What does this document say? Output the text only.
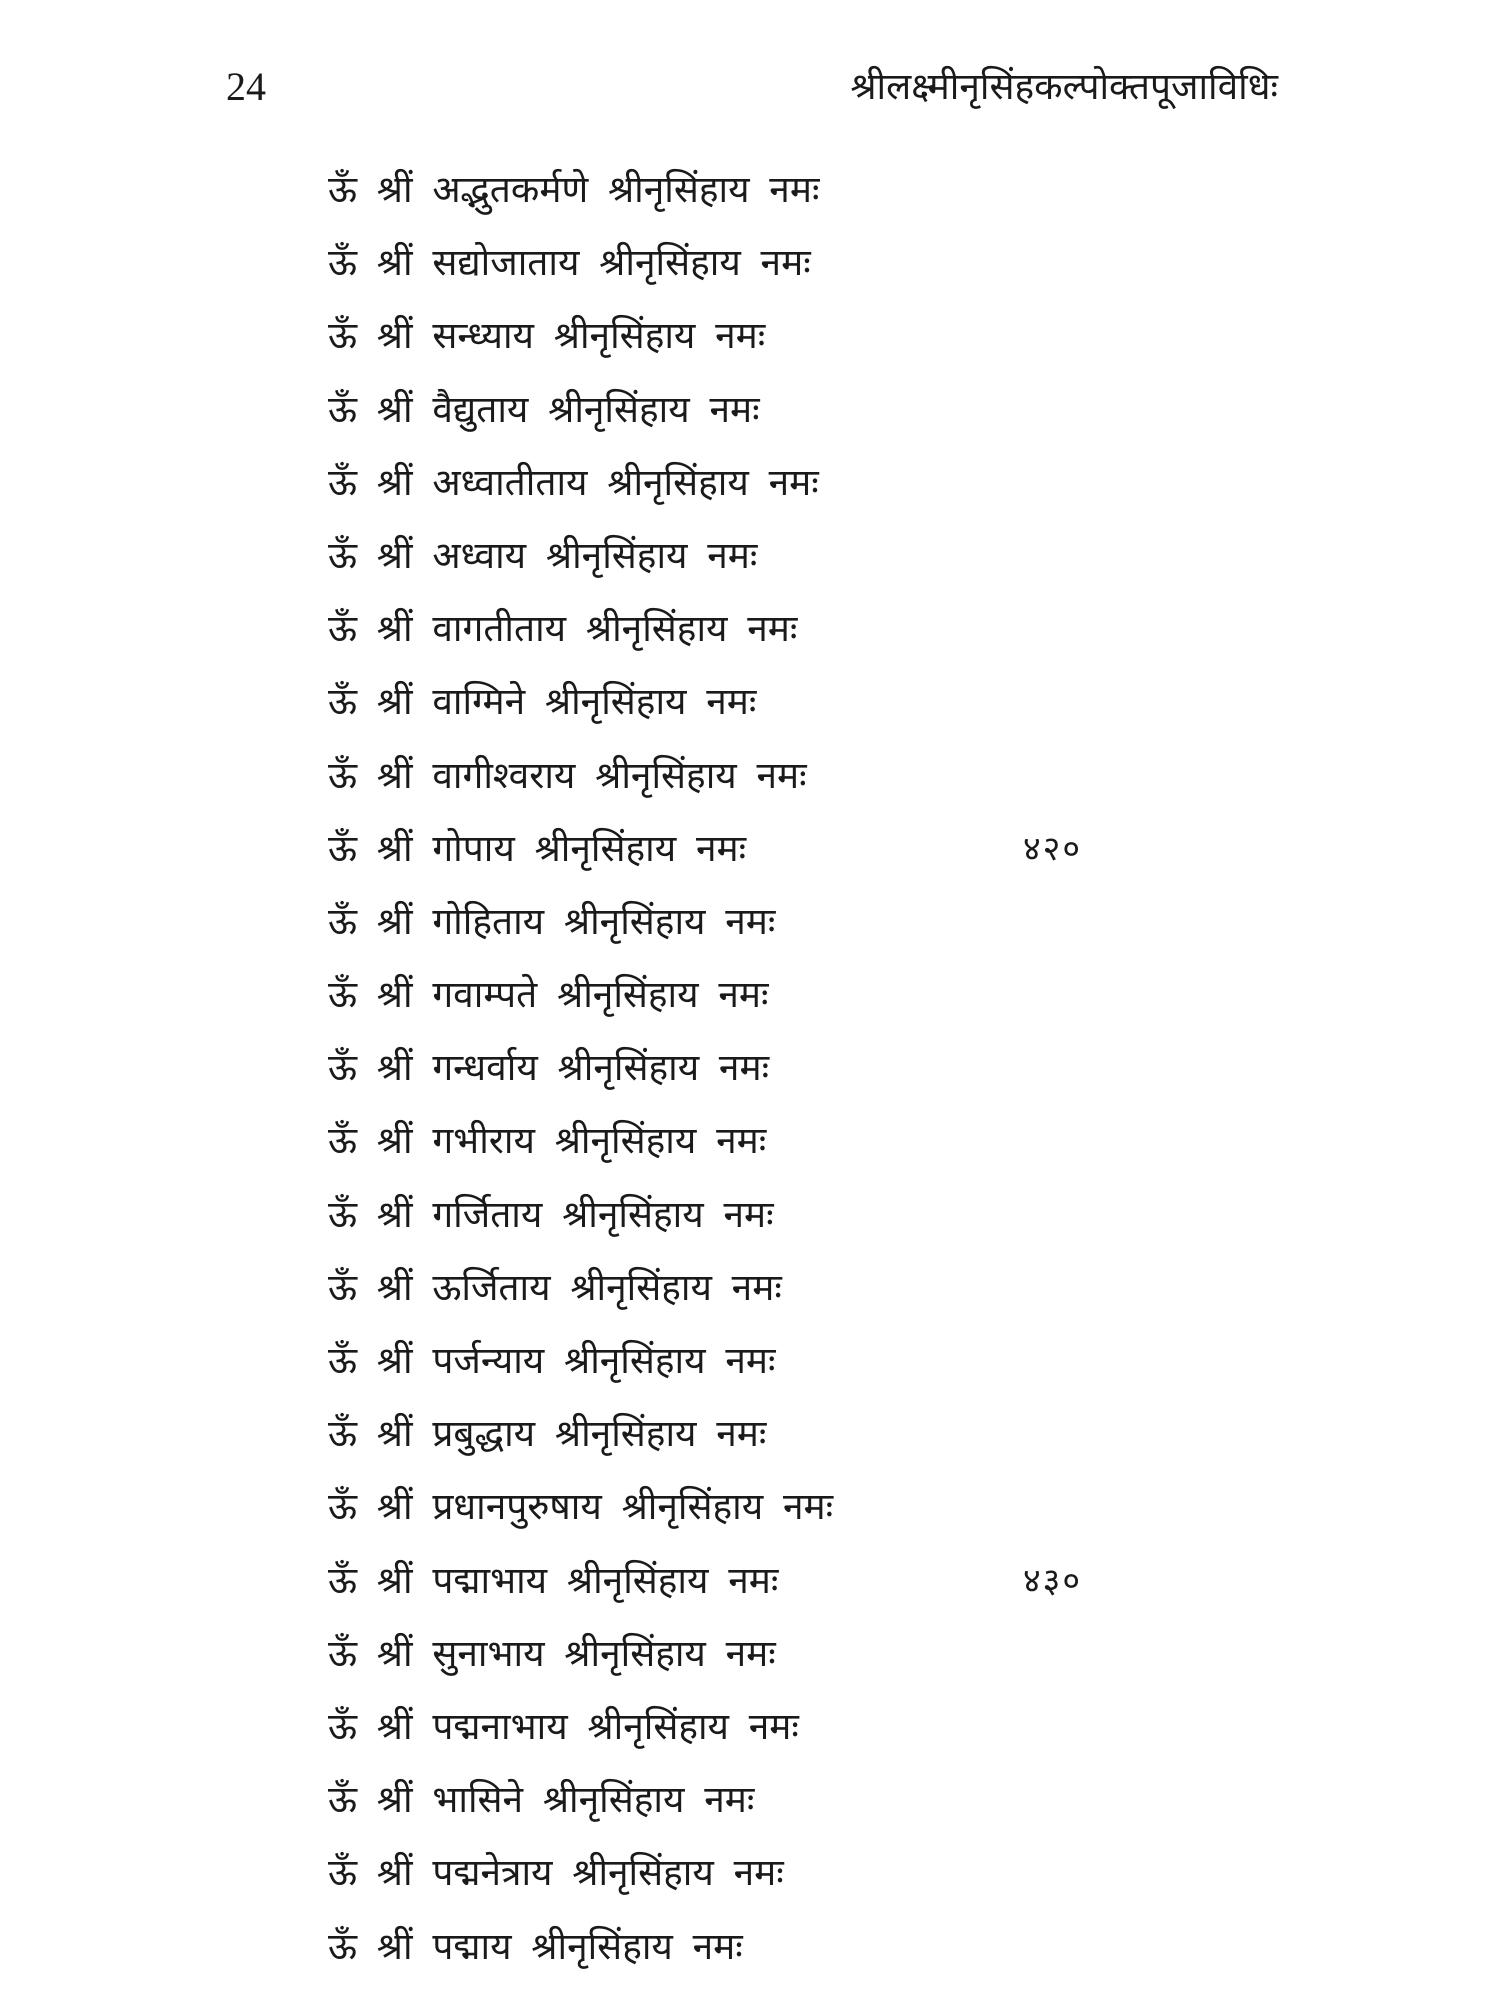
24	श्रीलक्ष्मीनृसिंहकल्पोक्तपूजाविधिः
ऊँ श्रीं अद्भुतकर्मणे श्रीनृसिंहाय नमः
ऊँ श्रीं सद्योजाताय श्रीनृसिंहाय नमः
ऊँ श्रीं सन्ध्याय श्रीनृसिंहाय नमः
ऊँ श्रीं वैद्युताय श्रीनृसिंहाय नमः
ऊँ श्रीं अध्वातीताय श्रीनृसिंहाय नमः
ऊँ श्रीं अध्वाय श्रीनृसिंहाय नमः
ऊँ श्रीं वागतीताय श्रीनृसिंहाय नमः
ऊँ श्रीं वाग्मिने श्रीनृसिंहाय नमः
ऊँ श्रीं वागीश्वराय श्रीनृसिंहाय नमः
ऊँ श्रीं गोपाय श्रीनृसिंहाय नमः	४२०
ऊँ श्रीं गोहिताय श्रीनृसिंहाय नमः
ऊँ श्रीं गवाम्पते श्रीनृसिंहाय नमः
ऊँ श्रीं गन्धर्वाय श्रीनृसिंहाय नमः
ऊँ श्रीं गभीराय श्रीनृसिंहाय नमः
ऊँ श्रीं गर्जिताय श्रीनृसिंहाय नमः
ऊँ श्रीं ऊर्जिताय श्रीनृसिंहाय नमः
ऊँ श्रीं पर्जन्याय श्रीनृसिंहाय नमः
ऊँ श्रीं प्रबुद्धाय श्रीनृसिंहाय नमः
ऊँ श्रीं प्रधानपुरुषाय श्रीनृसिंहाय नमः
ऊँ श्रीं पद्माभाय श्रीनृसिंहाय नमः	४३०
ऊँ श्रीं सुनाभाय श्रीनृसिंहाय नमः
ऊँ श्रीं पद्मनाभाय श्रीनृसिंहाय नमः
ऊँ श्रीं भासिने श्रीनृसिंहाय नमः
ऊँ श्रीं पद्मनेत्राय श्रीनृसिंहाय नमः
ऊँ श्रीं पद्माय श्रीनृसिंहाय नमः
